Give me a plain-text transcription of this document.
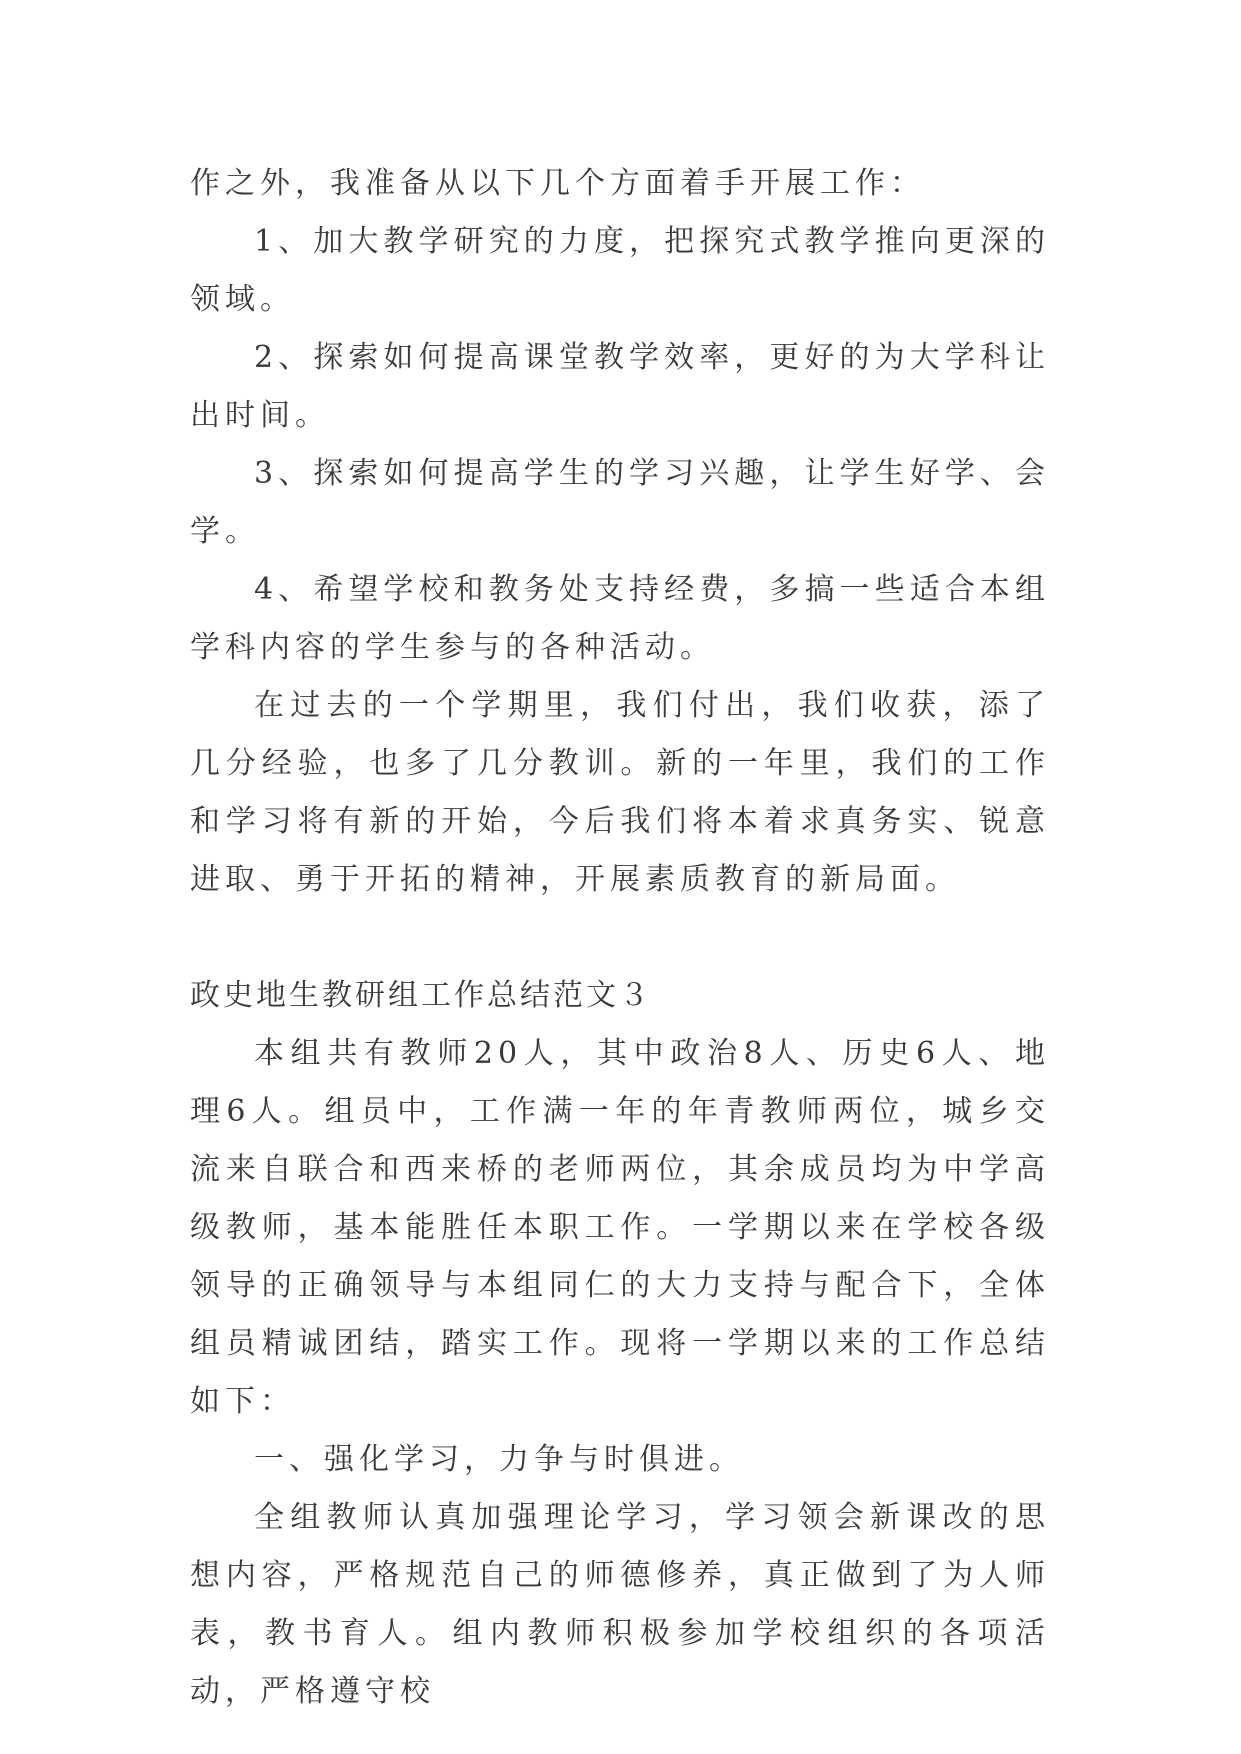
作之外，我准备从以下几个方面着手开展工作：

1、加大教学研究的力度，把探究式教学推向更深的领域。

2、探索如何提高课堂教学效率，更好的为大学科让出时间。

3、探索如何提高学生的学习兴趣，让学生好学、会学。

4、希望学校和教务处支持经费，多搞一些适合本组学科内容的学生参与的各种活动。

在过去的一个学期里，我们付出，我们收获，添了几分经验，也多了几分教训。新的一年里，我们的工作和学习将有新的开始，今后我们将本着求真务实、锐意进取、勇于开拓的精神，开展素质教育的新局面。

政史地生教研组工作总结范文３

本组共有教师20人，其中政治8人、历史6人、地理6人。组员中，工作满一年的年青教师两位，城乡交流来自联合和西来桥的老师两位，其余成员均为中学高级教师，基本能胜任本职工作。一学期以来在学校各级领导的正确领导与本组同仁的大力支持与配合下，全体组员精诚团结，踏实工作。现将一学期以来的工作总结如下：

一、强化学习，力争与时俱进。

全组教师认真加强理论学习，学习领会新课改的思想内容，严格规范自己的师德修养，真正做到了为人师表，教书育人。组内教师积极参加学校组织的各项活动，严格遵守校
